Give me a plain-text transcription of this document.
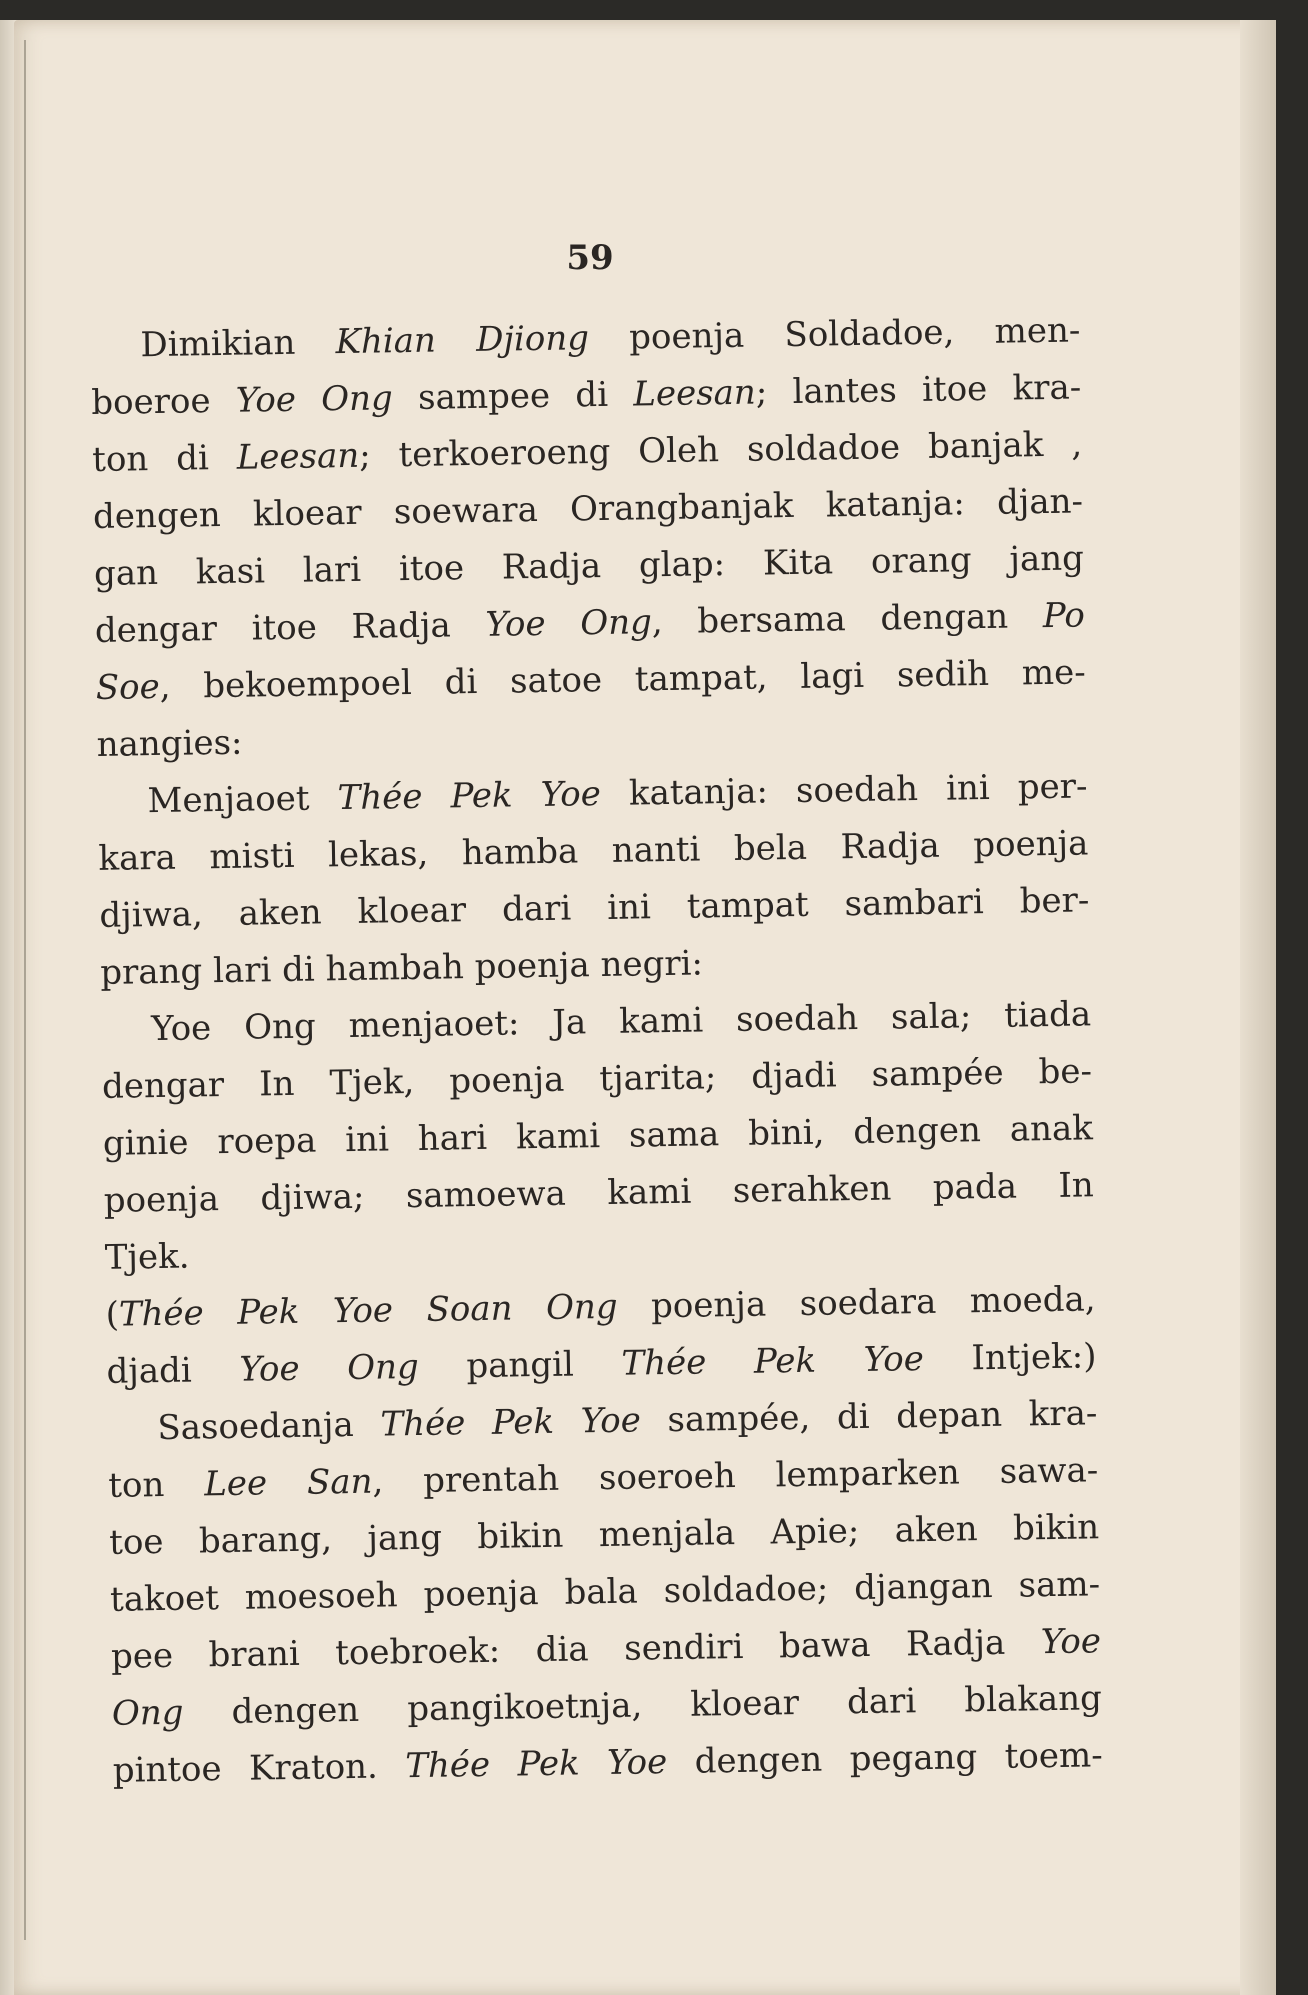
59
Dimikian Khian Djiong poenja Soldadoe, men-
boeroe Yoe Ong sampee di Leesan; lantes itoe kra-
ton di Leesan; terkoeroeng Oleh soldadoe banjak ,
dengen kloear soewara Orangbanjak katanja: djan-
gan kasi lari itoe Radja glap: Kita orang jang
dengar itoe Radja Yoe Ong, bersama dengan Po
Soe, bekoempoel di satoe tampat, lagi sedih me-
nangies:
Menjaoet Thée Pek Yoe katanja: soedah ini per-
kara misti lekas, hamba nanti bela Radja poenja
djiwa, aken kloear dari ini tampat sambari ber-
prang lari di hambah poenja negri:
Yoe Ong menjaoet: Ja kami soedah sala; tiada
dengar In Tjek, poenja tjarita; djadi sampée be-
ginie roepa ini hari kami sama bini, dengen anak
poenja djiwa; samoewa kami serahken pada In
Tjek.
(Thée Pek Yoe Soan Ong poenja soedara moeda,
djadi Yoe Ong pangil Thée Pek Yoe Intjek:)
Sasoedanja Thée Pek Yoe sampée, di depan kra-
ton Lee San, prentah soeroeh lemparken sawa-
toe barang, jang bikin menjala Apie; aken bikin
takoet moesoeh poenja bala soldadoe; djangan sam-
pee brani toebroek: dia sendiri bawa Radja Yoe
Ong dengen pangikoetnja, kloear dari blakang
pintoe Kraton. Thée Pek Yoe dengen pegang toem-
